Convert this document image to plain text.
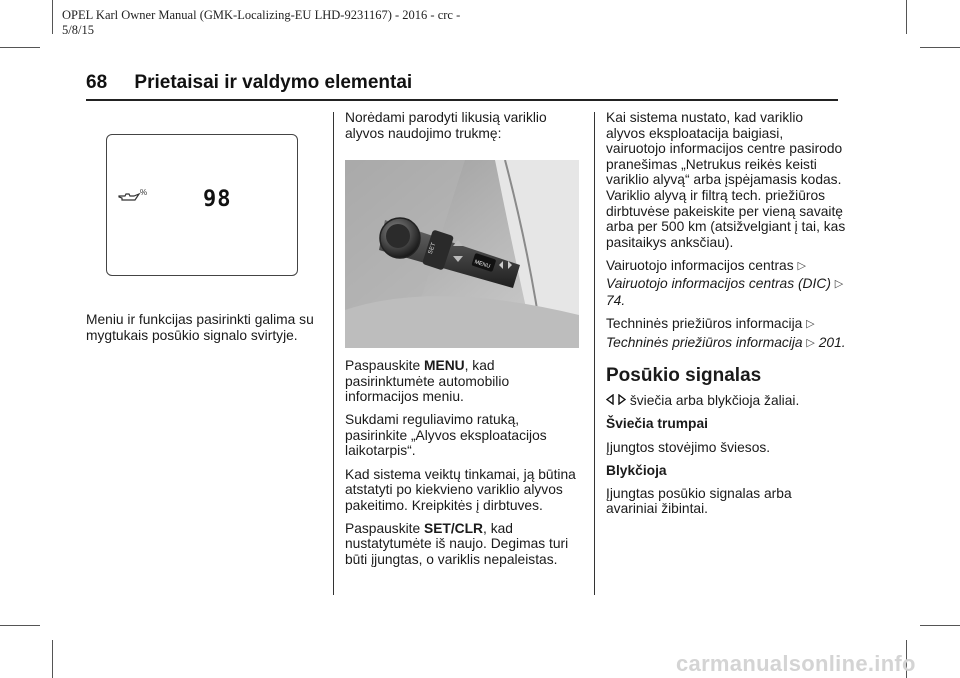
OPEL Karl Owner Manual (GMK-Localizing-EU LHD-9231167) - 2016 - crc -
5/8/15
68 Prietaisai ir valdymo elementai
%	98

Meniu ir funkcijas pasirinkti galima su mygtukais posūkio signalo svirtyje.

Norėdami parodyti likusią variklio alyvos naudojimo trukmę:

SET
MENU

Paspauskite MENU, kad pasirinktumėte automobilio informacijos meniu.

Sukdami reguliavimo ratuką, pasirinkite „Alyvos eksploatacijos laikotarpis“.

Kad sistema veiktų tinkamai, ją būtina atstatyti po kiekvieno variklio alyvos pakeitimo. Kreipkitės į dirbtuves.

Paspauskite SET/CLR, kad nustatytumėte iš naujo. Degimas turi būti įjungtas, o variklis nepaleistas.

Kai sistema nustato, kad variklio alyvos eksploatacija baigiasi, vairuotojo informacijos centre pasirodo pranešimas „Netrukus reikės keisti variklio alyvą“ arba įspėjamasis kodas. Variklio alyvą ir filtrą tech. priežiūros dirbtuvėse pakeiskite per vieną savaitę arba per 500 km (atsižvelgiant į tai, kas pasitaikys anksčiau).

Vairuotojo informacijos centras ▷

Vairuotojo informacijos centras (DIC) ▷ 74.

Techninės priežiūros informacija ▷

Techninės priežiūros informacija ▷ 201.

Posūkio signalas

šviečia arba blykčioja žaliai.

Šviečia trumpai

Įjungtos stovėjimo šviesos.

Blykčioja

Įjungtas posūkio signalas arba avariniai žibintai.

carmanualsonline.info
